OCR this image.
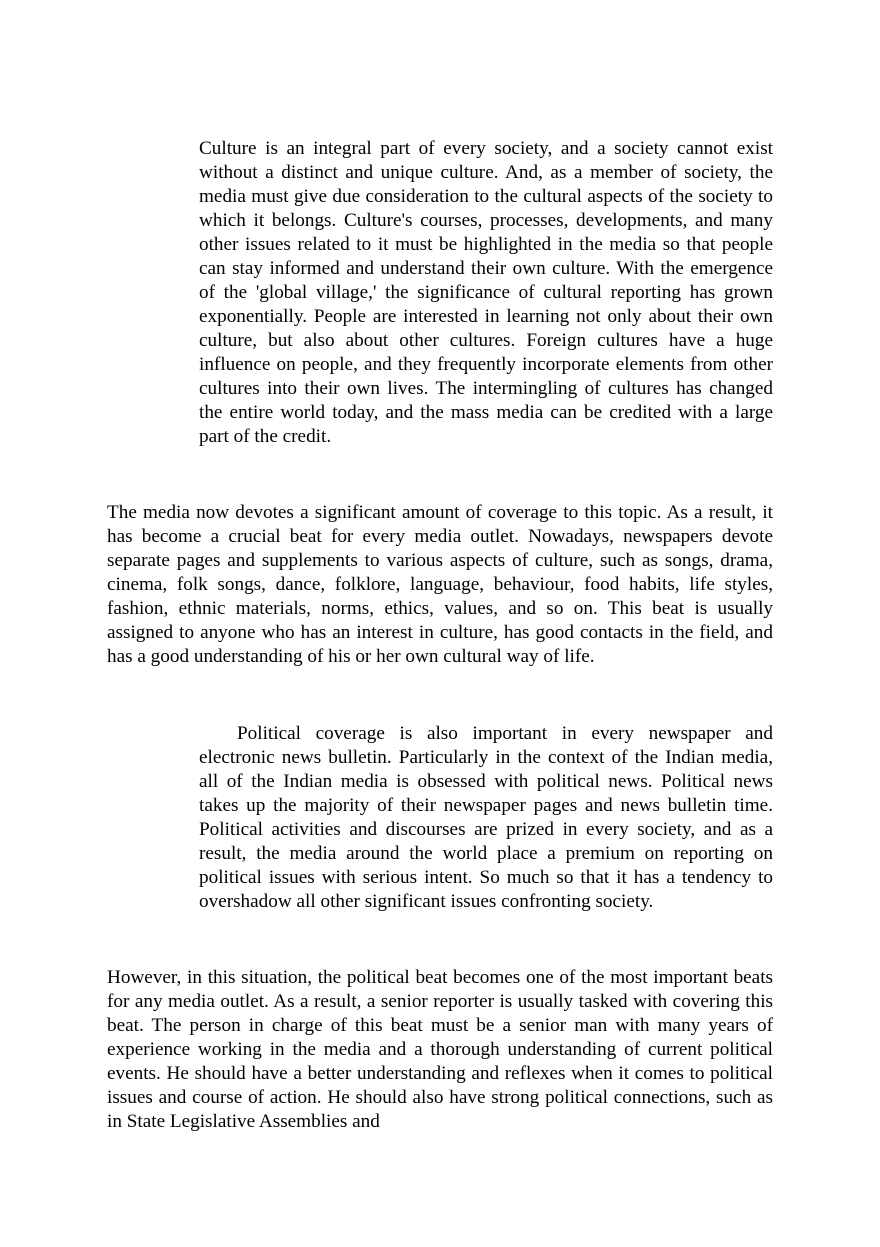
Culture is an integral part of every society, and a society cannot exist without a distinct and unique culture. And, as a member of society, the media must give due consideration to the cultural aspects of the society to which it belongs. Culture's courses, processes, developments, and many other issues related to it must be highlighted in the media so that people can stay informed and understand their own culture. With the emergence of the 'global village,' the significance of cultural reporting has grown exponentially. People are interested in learning not only about their own culture, but also about other cultures. Foreign cultures have a huge influence on people, and they frequently incorporate elements from other cultures into their own lives. The intermingling of cultures has changed the entire world today, and the mass media can be credited with a large part of the credit.

The media now devotes a significant amount of coverage to this topic. As a result, it has become a crucial beat for every media outlet. Nowadays, newspapers devote separate pages and supplements to various aspects of culture, such as songs, drama, cinema, folk songs, dance, folklore, language, behaviour, food habits, life styles, fashion, ethnic materials, norms, ethics, values, and so on. This beat is usually assigned to anyone who has an interest in culture, has good contacts in the field, and has a good understanding of his or her own cultural way of life.

Political coverage is also important in every newspaper and electronic news bulletin. Particularly in the context of the Indian media, all of the Indian media is obsessed with political news. Political news takes up the majority of their newspaper pages and news bulletin time. Political activities and discourses are prized in every society, and as a result, the media around the world place a premium on reporting on political issues with serious intent. So much so that it has a tendency to overshadow all other significant issues confronting society.

However, in this situation, the political beat becomes one of the most important beats for any media outlet. As a result, a senior reporter is usually tasked with covering this beat. The person in charge of this beat must be a senior man with many years of experience working in the media and a thorough understanding of current political events. He should have a better understanding and reflexes when it comes to political issues and course of action. He should also have strong political connections, such as in State Legislative Assemblies and
